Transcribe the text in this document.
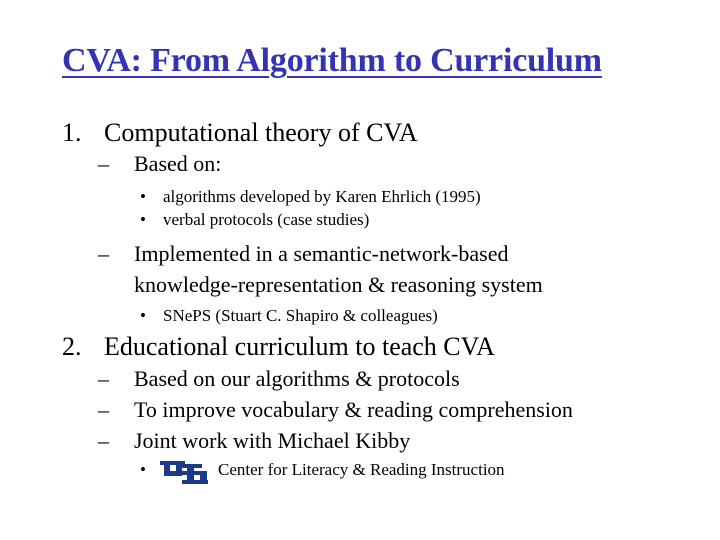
CVA: From Algorithm to Curriculum
1. Computational theory of CVA
– Based on:
• algorithms developed by Karen Ehrlich (1995)
• verbal protocols (case studies)
– Implemented in a semantic-network-based
knowledge-representation & reasoning system
• SNePS (Stuart C. Shapiro & colleagues)
2. Educational curriculum to teach CVA
– Based on our algorithms & protocols
– To improve vocabulary & reading comprehension
– Joint work with Michael Kibby
•	Center for Literacy & Reading Instruction
